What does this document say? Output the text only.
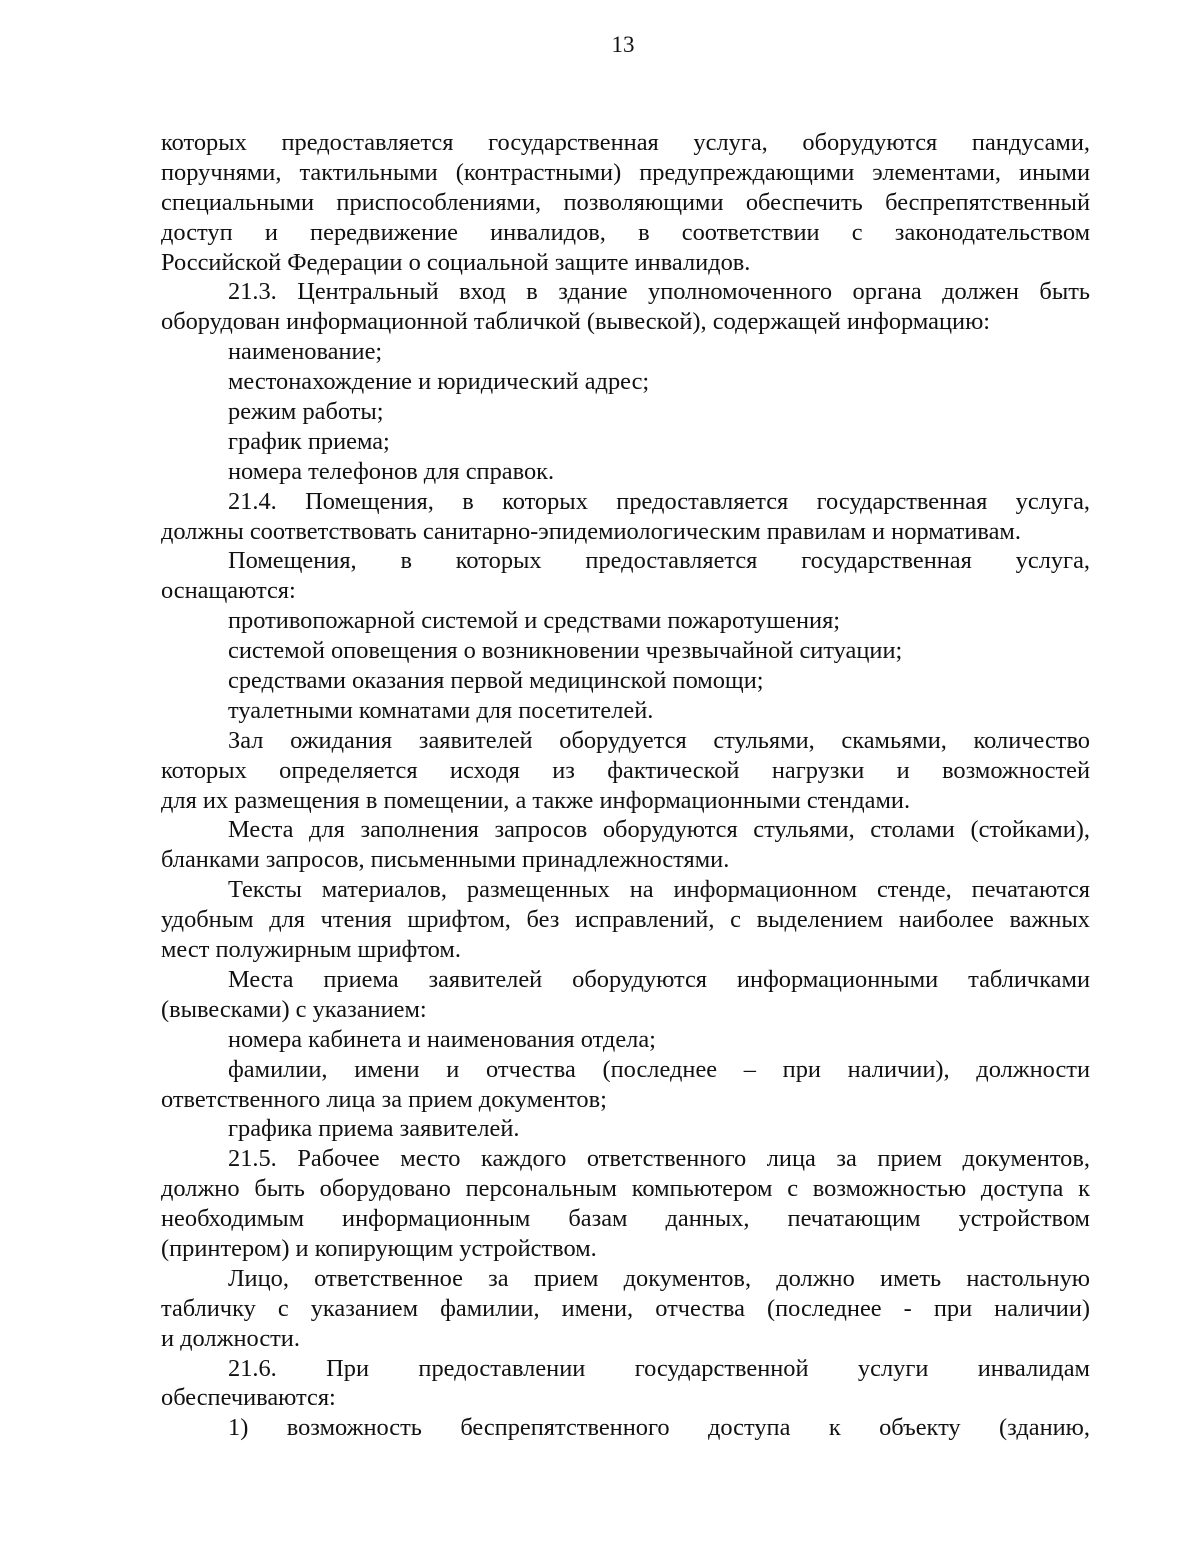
13
которых предоставляется государственная услуга, оборудуются пандусами,
поручнями, тактильными (контрастными) предупреждающими элементами, иными
специальными приспособлениями, позволяющими обеспечить беспрепятственный
доступ и передвижение инвалидов, в соответствии с законодательством
Российской Федерации о социальной защите инвалидов.
21.3. Центральный вход в здание уполномоченного органа должен быть
оборудован информационной табличкой (вывеской), содержащей информацию:
наименование;
местонахождение и юридический адрес;
режим работы;
график приема;
номера телефонов для справок.
21.4. Помещения, в которых предоставляется государственная услуга,
должны соответствовать санитарно-эпидемиологическим правилам и нормативам.
Помещения, в которых предоставляется государственная услуга,
оснащаются:
противопожарной системой и средствами пожаротушения;
системой оповещения о возникновении чрезвычайной ситуации;
средствами оказания первой медицинской помощи;
туалетными комнатами для посетителей.
Зал ожидания заявителей оборудуется стульями, скамьями, количество
которых определяется исходя из фактической нагрузки и возможностей
для их размещения в помещении, а также информационными стендами.
Места для заполнения запросов оборудуются стульями, столами (стойками),
бланками запросов, письменными принадлежностями.
Тексты материалов, размещенных на информационном стенде, печатаются
удобным для чтения шрифтом, без исправлений, с выделением наиболее важных
мест полужирным шрифтом.
Места приема заявителей оборудуются информационными табличками
(вывесками) с указанием:
номера кабинета и наименования отдела;
фамилии, имени и отчества (последнее – при наличии), должности
ответственного лица за прием документов;
графика приема заявителей.
21.5. Рабочее место каждого ответственного лица за прием документов,
должно быть оборудовано персональным компьютером с возможностью доступа к
необходимым информационным базам данных, печатающим устройством
(принтером) и копирующим устройством.
Лицо, ответственное за прием документов, должно иметь настольную
табличку с указанием фамилии, имени, отчества (последнее - при наличии)
и должности.
21.6. При предоставлении государственной услуги инвалидам
обеспечиваются:
1) возможность беспрепятственного доступа к объекту (зданию,
